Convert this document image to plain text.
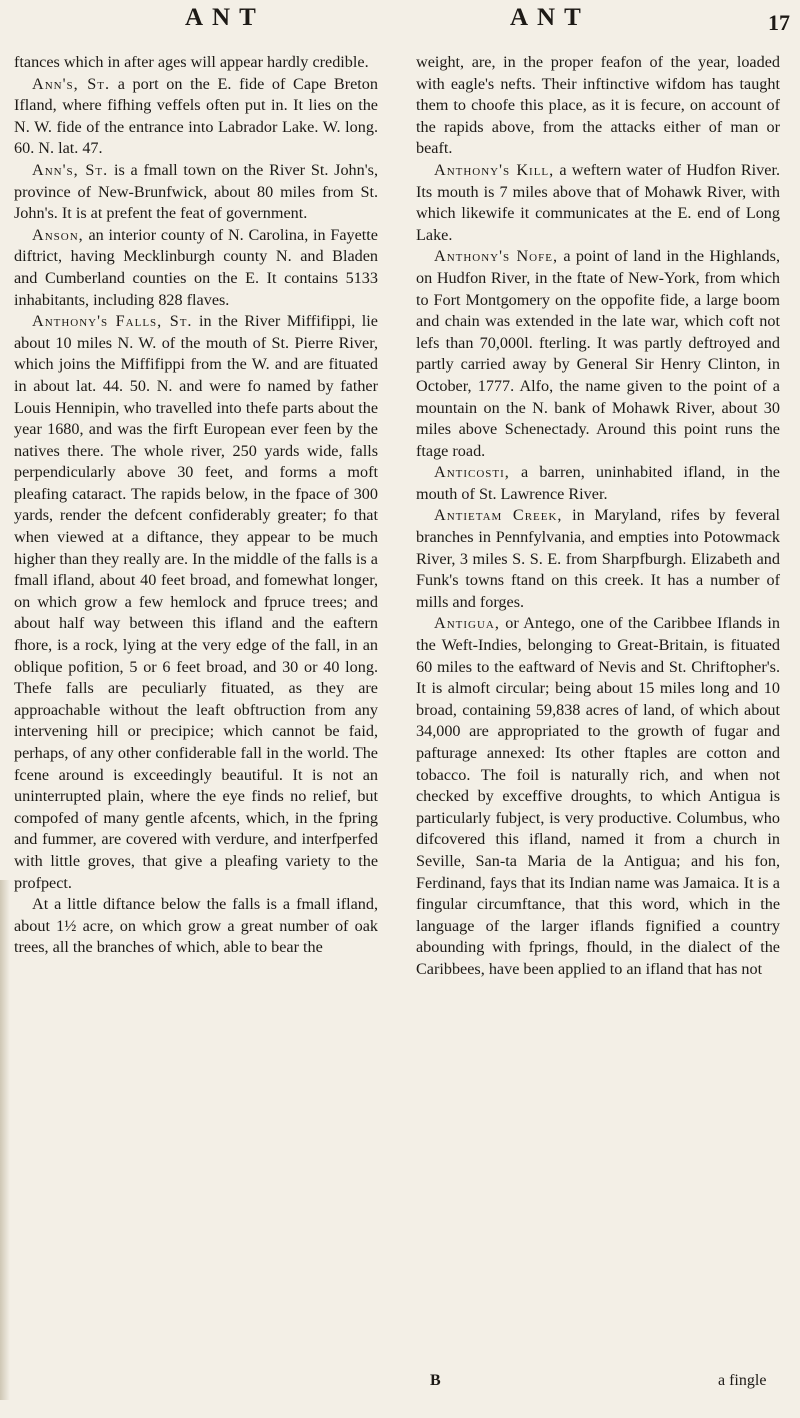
ANT	ANT	17

ftances which in after ages will appear hardly credible.

Ann's, St. a port on the E. fide of Cape Breton Ifland, where fifhing veffels often put in. It lies on the N. W. fide of the entrance into Labrador Lake. W. long. 60. N. lat. 47.

Ann's, St. is a fmall town on the River St. John's, province of New-Brunfwick, about 80 miles from St. John's. It is at prefent the feat of government.

Anson, an interior county of N. Carolina, in Fayette diftrict, having Mecklinburgh county N. and Bladen and Cumberland counties on the E. It contains 5133 inhabitants, including 828 flaves.

Anthony's Falls, St. in the River Miffifippi, lie about 10 miles N. W. of the mouth of St. Pierre River, which joins the Miffifippi from the W. and are fituated in about lat. 44. 50. N. and were fo named by father Louis Hennipin, who travelled into thefe parts about the year 1680, and was the firft European ever feen by the natives there. The whole river, 250 yards wide, falls perpendicularly above 30 feet, and forms a moft pleafing cataract. The rapids below, in the fpace of 300 yards, render the defcent confiderably greater; fo that when viewed at a diftance, they appear to be much higher than they really are. In the middle of the falls is a fmall ifland, about 40 feet broad, and fomewhat longer, on which grow a few hemlock and fpruce trees; and about half way between this ifland and the eaftern fhore, is a rock, lying at the very edge of the fall, in an oblique pofition, 5 or 6 feet broad, and 30 or 40 long. Thefe falls are peculiarly fituated, as they are approachable without the leaft obftruction from any intervening hill or precipice; which cannot be faid, perhaps, of any other confiderable fall in the world. The fcene around is exceedingly beautiful. It is not an uninterrupted plain, where the eye finds no relief, but compofed of many gentle afcents, which, in the fpring and fummer, are covered with verdure, and interfperfed with little groves, that give a pleafing variety to the profpect.

At a little diftance below the falls is a fmall ifland, about 1½ acre, on which grow a great number of oak trees, all the branches of which, able to bear the

weight, are, in the proper feafon of the year, loaded with eagle's nefts. Their inftinctive wifdom has taught them to choofe this place, as it is fecure, on account of the rapids above, from the attacks either of man or beaft.

Anthony's Kill, a weftern water of Hudfon River. Its mouth is 7 miles above that of Mohawk River, with which likewife it communicates at the E. end of Long Lake.

Anthony's Nofe, a point of land in the Highlands, on Hudfon River, in the ftate of New-York, from which to Fort Montgomery on the oppofite fide, a large boom and chain was extended in the late war, which coft not lefs than 70,000l. fterling. It was partly deftroyed and partly carried away by General Sir Henry Clinton, in October, 1777. Alfo, the name given to the point of a mountain on the N. bank of Mohawk River, about 30 miles above Schenectady. Around this point runs the ftage road.

Anticosti, a barren, uninhabited ifland, in the mouth of St. Lawrence River.

Antietam Creek, in Maryland, rifes by feveral branches in Pennfylvania, and empties into Potowmack River, 3 miles S. S. E. from Sharpfburgh. Elizabeth and Funk's towns ftand on this creek. It has a number of mills and forges.

Antigua, or Antego, one of the Caribbee Iflands in the Weft-Indies, belonging to Great-Britain, is fituated 60 miles to the eaftward of Nevis and St. Chriftopher's. It is almoft circular; being about 15 miles long and 10 broad, containing 59,838 acres of land, of which about 34,000 are appropriated to the growth of fugar and pafturage annexed: Its other ftaples are cotton and tobacco. The foil is naturally rich, and when not checked by exceffive droughts, to which Antigua is particularly fubject, is very productive. Columbus, who difcovered this ifland, named it from a church in Seville, San-ta Maria de la Antigua; and his fon, Ferdinand, fays that its Indian name was Jamaica. It is a fingular circumftance, that this word, which in the language of the larger iflands fignified a country abounding with fprings, fhould, in the dialect of the Caribbees, have been applied to an ifland that has not

B	a fingle
